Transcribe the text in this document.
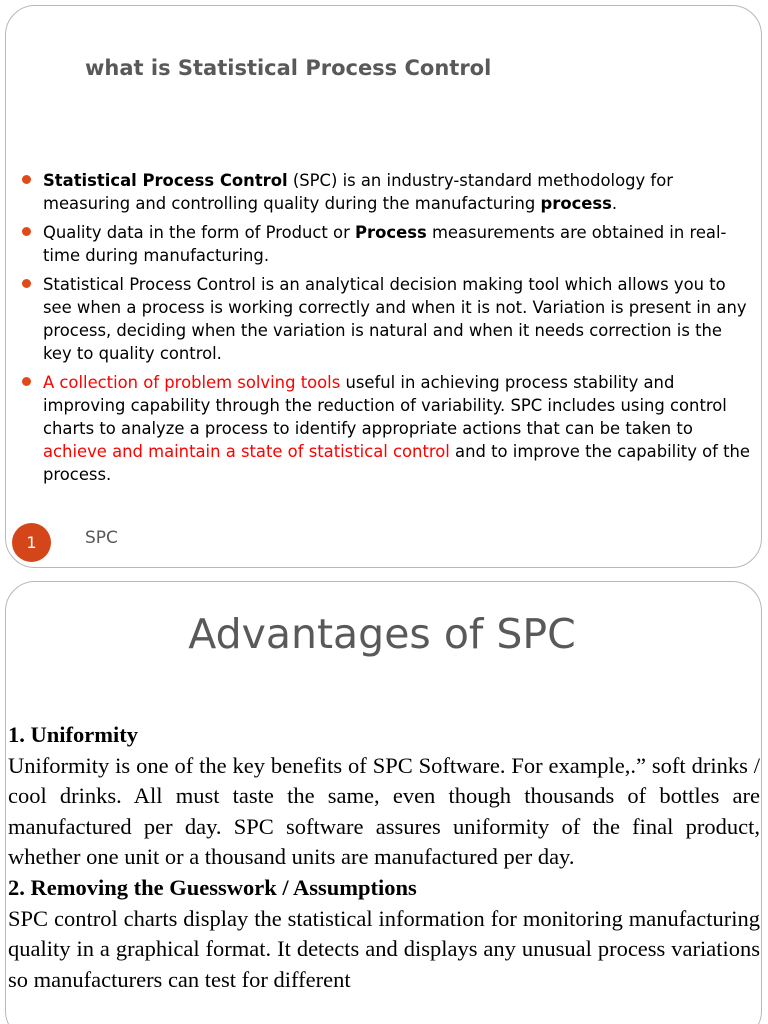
what is Statistical Process Control
Statistical Process Control (SPC) is an industry-standard methodology for measuring and controlling quality during the manufacturing process.
Quality data in the form of Product or Process measurements are obtained in real-time during manufacturing.
Statistical Process Control is an analytical decision making tool which allows you to see when a process is working correctly and when it is not. Variation is present in any process, deciding when the variation is natural and when it needs correction is the key to quality control.
A collection of problem solving tools useful in achieving process stability and improving capability through the reduction of variability. SPC includes using control charts to analyze a process to identify appropriate actions that can be taken to achieve and maintain a state of statistical control and to improve the capability of the process.
1	SPC
Advantages of SPC

1. Uniformity

Uniformity is one of the key benefits of SPC Software. For example,.” soft drinks / cool drinks. All must taste the same, even though thousands of bottles are manufactured per day. SPC software assures uniformity of the final product, whether one unit or a thousand units are manufactured per day.

2. Removing the Guesswork / Assumptions

SPC control charts display the statistical information for monitoring manufacturing quality in a graphical format. It detects and displays any unusual process variations so manufacturers can test for different
